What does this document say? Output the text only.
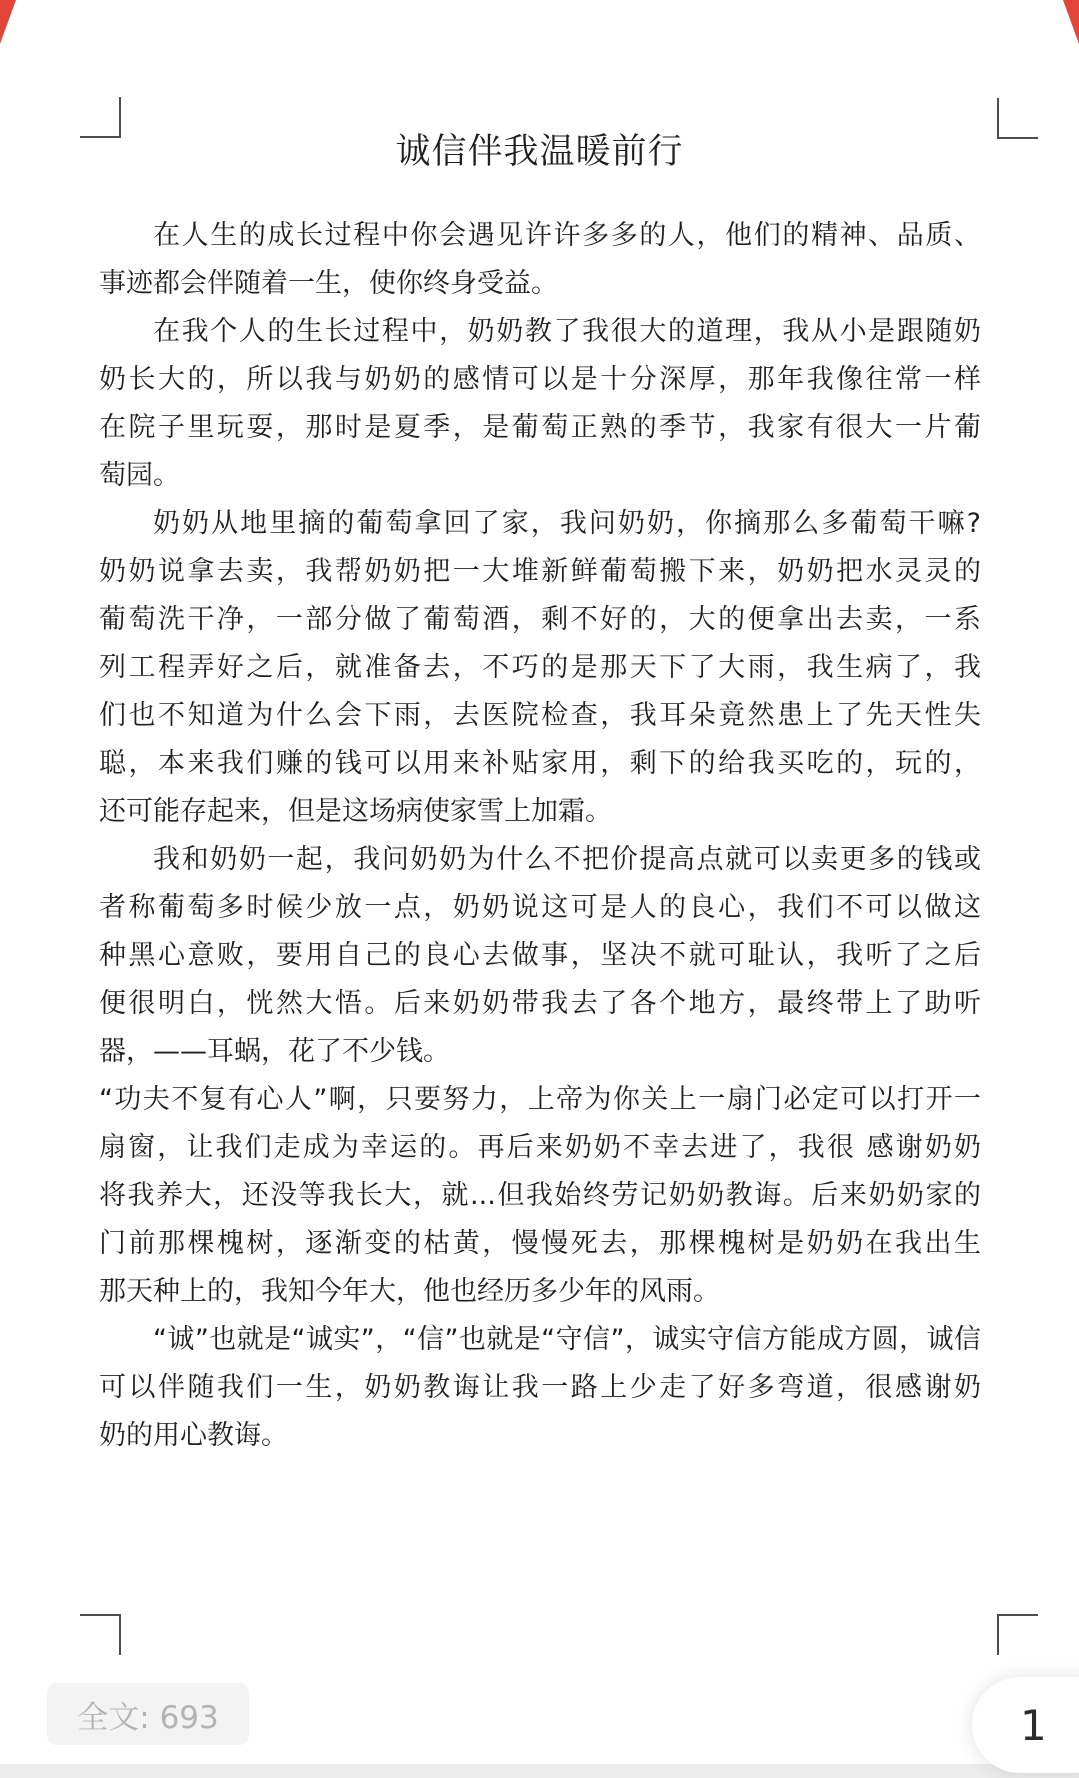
诚信伴我温暖前行
在人生的成长过程中你会遇见许许多多的人，他们的精神、品质、
事迹都会伴随着一生，使你终身受益。
在我个人的生长过程中，奶奶教了我很大的道理，我从小是跟随奶
奶长大的，所以我与奶奶的感情可以是十分深厚，那年我像往常一样
在院子里玩耍，那时是夏季，是葡萄正熟的季节，我家有很大一片葡
萄园。
奶奶从地里摘的葡萄拿回了家，我问奶奶，你摘那么多葡萄干嘛?
奶奶说拿去卖，我帮奶奶把一大堆新鲜葡萄搬下来，奶奶把水灵灵的
葡萄洗干净，一部分做了葡萄酒，剩不好的，大的便拿出去卖，一系
列工程弄好之后，就准备去，不巧的是那天下了大雨，我生病了，我
们也不知道为什么会下雨，去医院检查，我耳朵竟然患上了先天性失
聪，本来我们赚的钱可以用来补贴家用，剩下的给我买吃的，玩的，
还可能存起来，但是这场病使家雪上加霜。
我和奶奶一起，我问奶奶为什么不把价提高点就可以卖更多的钱或
者称葡萄多时候少放一点，奶奶说这可是人的良心，我们不可以做这
种黑心意败，要用自己的良心去做事，坚决不就可耻认，我听了之后
便很明白，恍然大悟。后来奶奶带我去了各个地方，最终带上了助听
器，——耳蜗，花了不少钱。
“功夫不复有心人”啊，只要努力，上帝为你关上一扇门必定可以打开一
扇窗，让我们走成为幸运的。再后来奶奶不幸去进了，我很 感谢奶奶
将我养大，还没等我长大，就...但我始终劳记奶奶教诲。后来奶奶家的
门前那棵槐树，逐渐变的枯黄，慢慢死去，那棵槐树是奶奶在我出生
那天种上的，我知今年大，他也经历多少年的风雨。
“诚”也就是“诚实”，“信”也就是“守信”，诚实守信方能成方圆，诚信
可以伴随我们一生，奶奶教诲让我一路上少走了好多弯道，很感谢奶
奶的用心教诲。
全文: 693	1
